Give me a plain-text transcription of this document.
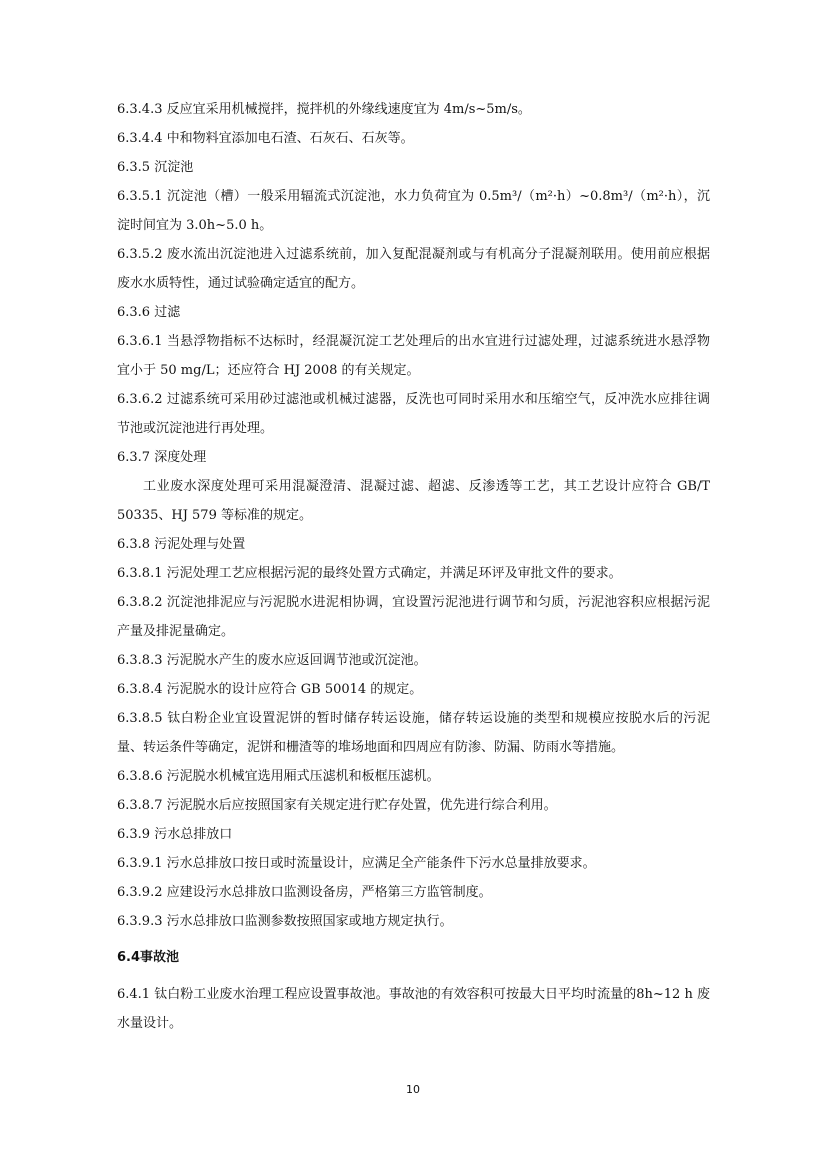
6.3.4.3 反应宜采用机械搅拌，搅拌机的外缘线速度宜为 4m/s~5m/s。

6.3.4.4 中和物料宜添加电石渣、石灰石、石灰等。

6.3.5 沉淀池

6.3.5.1 沉淀池（槽）一般采用辐流式沉淀池，水力负荷宜为 0.5m³/（m²·h）~0.8m³/（m²·h），沉淀时间宜为 3.0h~5.0 h。

6.3.5.2 废水流出沉淀池进入过滤系统前，加入复配混凝剂或与有机高分子混凝剂联用。使用前应根据废水水质特性，通过试验确定适宜的配方。

6.3.6 过滤

6.3.6.1 当悬浮物指标不达标时，经混凝沉淀工艺处理后的出水宜进行过滤处理，过滤系统进水悬浮物宜小于 50 mg/L；还应符合 HJ 2008 的有关规定。

6.3.6.2 过滤系统可采用砂过滤池或机械过滤器，反洗也可同时采用水和压缩空气，反冲洗水应排往调节池或沉淀池进行再处理。

6.3.7 深度处理

工业废水深度处理可采用混凝澄清、混凝过滤、超滤、反渗透等工艺，其工艺设计应符合 GB/T 50335、HJ 579 等标准的规定。

6.3.8 污泥处理与处置

6.3.8.1 污泥处理工艺应根据污泥的最终处置方式确定，并满足环评及审批文件的要求。

6.3.8.2 沉淀池排泥应与污泥脱水进泥相协调，宜设置污泥池进行调节和匀质，污泥池容积应根据污泥产量及排泥量确定。

6.3.8.3 污泥脱水产生的废水应返回调节池或沉淀池。

6.3.8.4 污泥脱水的设计应符合 GB 50014 的规定。

6.3.8.5 钛白粉企业宜设置泥饼的暂时储存转运设施，储存转运设施的类型和规模应按脱水后的污泥量、转运条件等确定，泥饼和栅渣等的堆场地面和四周应有防渗、防漏、防雨水等措施。

6.3.8.6 污泥脱水机械宜选用厢式压滤机和板框压滤机。

6.3.8.7 污泥脱水后应按照国家有关规定进行贮存处置，优先进行综合利用。

6.3.9 污水总排放口

6.3.9.1 污水总排放口按日或时流量设计，应满足全产能条件下污水总量排放要求。

6.3.9.2 应建设污水总排放口监测设备房，严格第三方监管制度。

6.3.9.3 污水总排放口监测参数按照国家或地方规定执行。

6.4事故池

6.4.1 钛白粉工业废水治理工程应设置事故池。事故池的有效容积可按最大日平均时流量的8h~12 h 废水量设计。

10
